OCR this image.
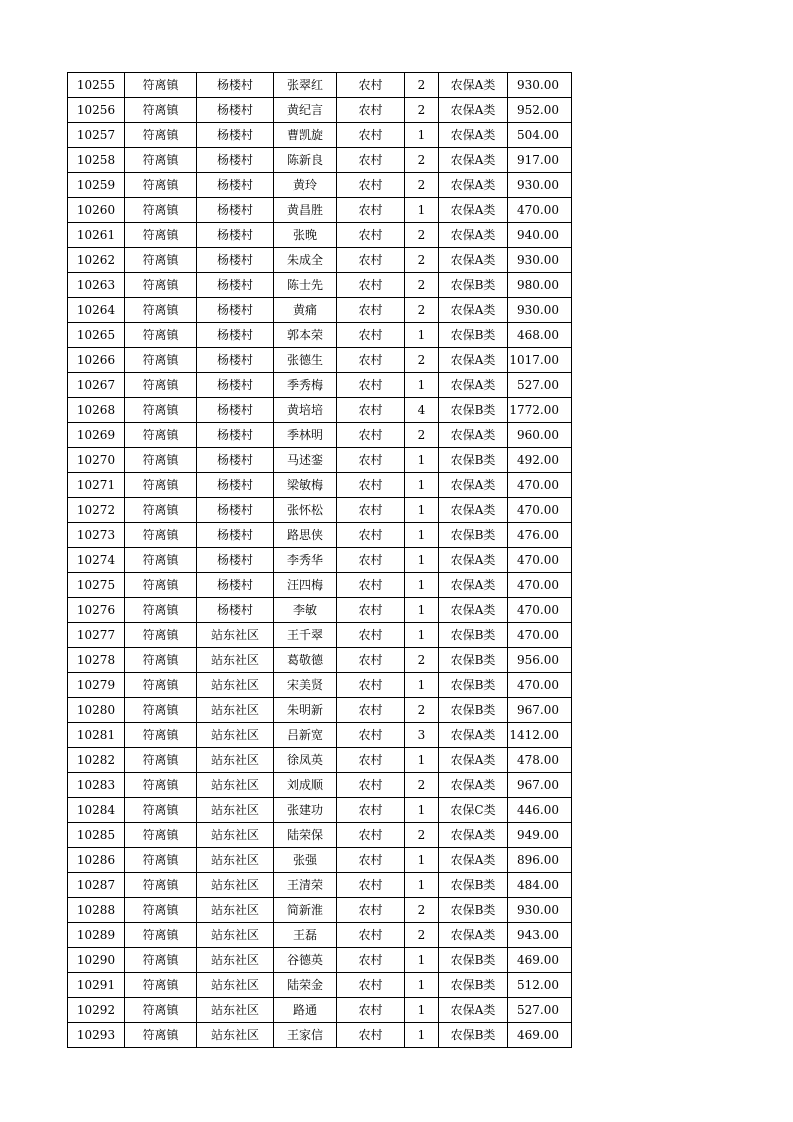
10255	符离镇	杨楼村	张翠红	农村	2	农保A类	930.00
10256	符离镇	杨楼村	黄纪言	农村	2	农保A类	952.00
10257	符离镇	杨楼村	曹凯旋	农村	1	农保A类	504.00
10258	符离镇	杨楼村	陈新良	农村	2	农保A类	917.00
10259	符离镇	杨楼村	黄玲	农村	2	农保A类	930.00
10260	符离镇	杨楼村	黄昌胜	农村	1	农保A类	470.00
10261	符离镇	杨楼村	张晚	农村	2	农保A类	940.00
10262	符离镇	杨楼村	朱成全	农村	2	农保A类	930.00
10263	符离镇	杨楼村	陈士先	农村	2	农保B类	980.00
10264	符离镇	杨楼村	黄痛	农村	2	农保A类	930.00
10265	符离镇	杨楼村	郭本荣	农村	1	农保B类	468.00
10266	符离镇	杨楼村	张德生	农村	2	农保A类	1017.00
10267	符离镇	杨楼村	季秀梅	农村	1	农保A类	527.00
10268	符离镇	杨楼村	黄培培	农村	4	农保B类	1772.00
10269	符离镇	杨楼村	季林明	农村	2	农保A类	960.00
10270	符离镇	杨楼村	马述銮	农村	1	农保B类	492.00
10271	符离镇	杨楼村	梁敏梅	农村	1	农保A类	470.00
10272	符离镇	杨楼村	张怀松	农村	1	农保A类	470.00
10273	符离镇	杨楼村	路思侠	农村	1	农保B类	476.00
10274	符离镇	杨楼村	李秀华	农村	1	农保A类	470.00
10275	符离镇	杨楼村	汪四梅	农村	1	农保A类	470.00
10276	符离镇	杨楼村	李敏	农村	1	农保A类	470.00
10277	符离镇	站东社区	王千翠	农村	1	农保B类	470.00
10278	符离镇	站东社区	葛敬德	农村	2	农保B类	956.00
10279	符离镇	站东社区	宋美贤	农村	1	农保B类	470.00
10280	符离镇	站东社区	朱明新	农村	2	农保B类	967.00
10281	符离镇	站东社区	吕新宽	农村	3	农保A类	1412.00
10282	符离镇	站东社区	徐凤英	农村	1	农保A类	478.00
10283	符离镇	站东社区	刘成顺	农村	2	农保A类	967.00
10284	符离镇	站东社区	张建功	农村	1	农保C类	446.00
10285	符离镇	站东社区	陆荣保	农村	2	农保A类	949.00
10286	符离镇	站东社区	张强	农村	1	农保A类	896.00
10287	符离镇	站东社区	王清荣	农村	1	农保B类	484.00
10288	符离镇	站东社区	简新淮	农村	2	农保B类	930.00
10289	符离镇	站东社区	王磊	农村	2	农保A类	943.00
10290	符离镇	站东社区	谷德英	农村	1	农保B类	469.00
10291	符离镇	站东社区	陆荣金	农村	1	农保B类	512.00
10292	符离镇	站东社区	路通	农村	1	农保A类	527.00
10293	符离镇	站东社区	王家信	农村	1	农保B类	469.00
